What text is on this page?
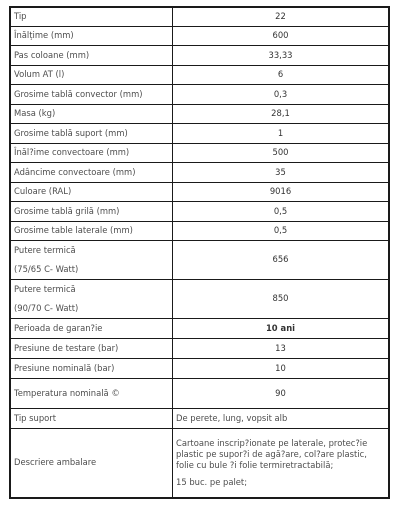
Tip	22
Înălțime (mm)	600
Pas coloane (mm)	33,33
Volum AT (l)	6
Grosime tablă convector (mm)	0,3
Masa (kg)	28,1
Grosime tablă suport (mm)	1
Înăl?ime convectoare (mm)	500
Adâncime convectoare (mm)	35
Culoare (RAL)	9016
Grosime tablă grilă (mm)	0,5
Grosime table laterale (mm)	0,5

Putere termică
(75/65 C- Watt)	656

Putere termică
(90/70 C- Watt)	850
Perioada de garan?ie	10 ani
Presiune de testare (bar)	13
Presiune nominală (bar)	10
Temperatura nominală ©	90
Tip suport	De perete, lung, vopsit alb
Descriere ambalare	Cartoane inscrip?ionate pe laterale, protec?ie plastic pe supor?i de agă?are, col?are plastic, folie cu bule ?i folie termiretractabilă;

15 buc. pe palet;
